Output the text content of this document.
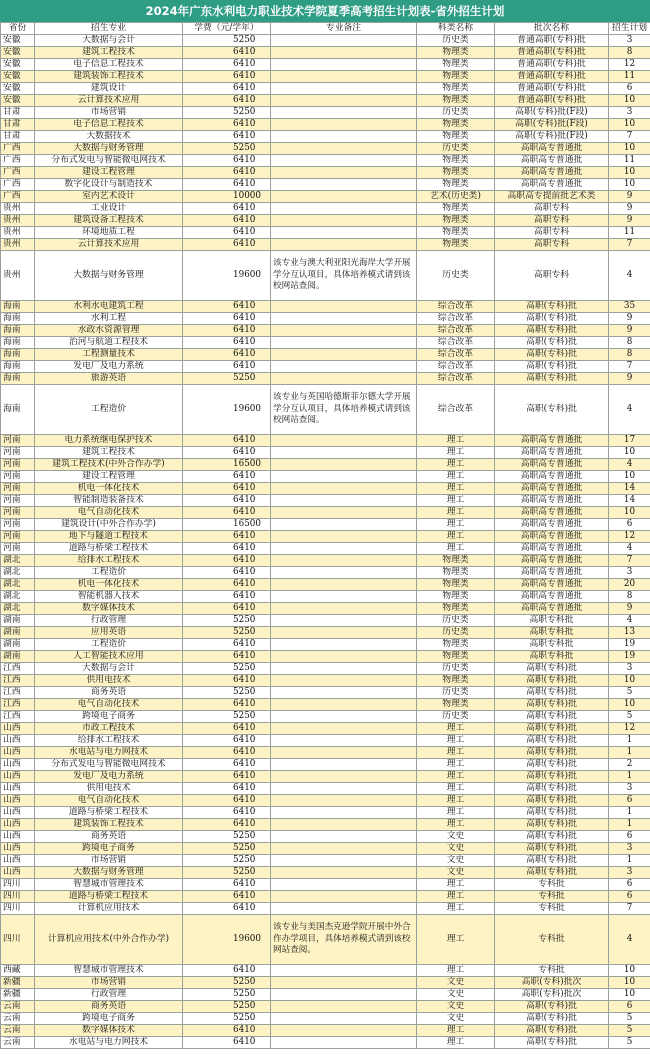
2024年广东水利电力职业技术学院夏季高考招生计划表-省外招生计划
省份	招生专业	学费（元/学年）	专业备注	科类名称	批次名称	招生计划
安徽	大数据与会计	5250		历史类	普通高职(专科)批	3
安徽	建筑工程技术	6410		物理类	普通高职(专科)批	8
安徽	电子信息工程技术	6410		物理类	普通高职(专科)批	12
安徽	建筑装饰工程技术	6410		物理类	普通高职(专科)批	11
安徽	建筑设计	6410		物理类	普通高职(专科)批	6
安徽	云计算技术应用	6410		物理类	普通高职(专科)批	10
甘肃	市场营销	5250		历史类	高职(专科)批(F段)	3
甘肃	电子信息工程技术	6410		物理类	高职(专科)批(F段)	10
甘肃	大数据技术	6410		物理类	高职(专科)批(F段)	7
广西	大数据与财务管理	5250		历史类	高职高专普通批	10
广西	分布式发电与智能微电网技术	6410		物理类	高职高专普通批	11
广西	建设工程管理	6410		物理类	高职高专普通批	10
广西	数字化设计与制造技术	6410		物理类	高职高专普通批	10
广西	室内艺术设计	10000		艺术(历史类)	高职高专提前批艺术类	9
贵州	工业设计	6410		物理类	高职专科	9
贵州	建筑设备工程技术	6410		物理类	高职专科	9
贵州	环境地质工程	6410		物理类	高职专科	11
贵州	云计算技术应用	6410		物理类	高职专科	7
贵州	大数据与财务管理	19600	该专业与澳大利亚阳光海岸大学开展学分互认项目，具体培养模式请到该校网站查阅。	历史类	高职专科	4
海南	水利水电建筑工程	6410		综合改革	高职(专科)批	35
海南	水利工程	6410		综合改革	高职(专科)批	9
海南	水政水资源管理	6410		综合改革	高职(专科)批	9
海南	治河与航道工程技术	6410		综合改革	高职(专科)批	8
海南	工程测量技术	6410		综合改革	高职(专科)批	8
海南	发电厂及电力系统	6410		综合改革	高职(专科)批	7
海南	旅游英语	5250		综合改革	高职(专科)批	9
海南	工程造价	19600	该专业与英国哈德斯菲尔德大学开展学分互认项目，具体培养模式请到该校网站查阅。	综合改革	高职(专科)批	4
河南	电力系统继电保护技术	6410		理工	高职高专普通批	17
河南	建筑工程技术	6410		理工	高职高专普通批	10
河南	建筑工程技术(中外合作办学)	16500		理工	高职高专普通批	4
河南	建设工程管理	6410		理工	高职高专普通批	10
河南	机电一体化技术	6410		理工	高职高专普通批	14
河南	智能制造装备技术	6410		理工	高职高专普通批	14
河南	电气自动化技术	6410		理工	高职高专普通批	10
河南	建筑设计(中外合作办学)	16500		理工	高职高专普通批	6
河南	地下与隧道工程技术	6410		理工	高职高专普通批	12
河南	道路与桥梁工程技术	6410		理工	高职高专普通批	4
湖北	给排水工程技术	6410		物理类	高职高专普通批	7
湖北	工程造价	6410		物理类	高职高专普通批	3
湖北	机电一体化技术	6410		物理类	高职高专普通批	20
湖北	智能机器人技术	6410		物理类	高职高专普通批	8
湖北	数字媒体技术	6410		物理类	高职高专普通批	9
湖南	行政管理	5250		历史类	高职专科批	4
湖南	应用英语	5250		历史类	高职专科批	13
湖南	工程造价	6410		物理类	高职专科批	19
湖南	人工智能技术应用	6410		物理类	高职专科批	19
江西	大数据与会计	5250		历史类	高职(专科)批	3
江西	供用电技术	6410		物理类	高职(专科)批	10
江西	商务英语	5250		历史类	高职(专科)批	5
江西	电气自动化技术	6410		物理类	高职(专科)批	10
江西	跨境电子商务	5250		历史类	高职(专科)批	5
山西	市政工程技术	6410		理工	高职(专科)批	12
山西	给排水工程技术	6410		理工	高职(专科)批	1
山西	水电站与电力网技术	6410		理工	高职(专科)批	1
山西	分布式发电与智能微电网技术	6410		理工	高职(专科)批	2
山西	发电厂及电力系统	6410		理工	高职(专科)批	1
山西	供用电技术	6410		理工	高职(专科)批	3
山西	电气自动化技术	6410		理工	高职(专科)批	6
山西	道路与桥梁工程技术	6410		理工	高职(专科)批	1
山西	建筑装饰工程技术	6410		理工	高职(专科)批	1
山西	商务英语	5250		文史	高职(专科)批	6
山西	跨境电子商务	5250		文史	高职(专科)批	3
山西	市场营销	5250		文史	高职(专科)批	1
山西	大数据与财务管理	5250		文史	高职(专科)批	3
四川	智慧城市管理技术	6410		理工	专科批	6
四川	道路与桥梁工程技术	6410		理工	专科批	6
四川	计算机应用技术	6410		理工	专科批	7
四川	计算机应用技术(中外合作办学)	19600	该专业与美国杰克逊学院开展中外合作办学项目，具体培养模式请到该校网站查阅。	理工	专科批	4
西藏	智慧城市管理技术	6410		理工	专科批	10
新疆	市场营销	5250		文史	高职(专科)批次	10
新疆	行政管理	5250		文史	高职(专科)批次	10
云南	商务英语	5250		文史	高职(专科)批	6
云南	跨境电子商务	5250		文史	高职(专科)批	5
云南	数字媒体技术	6410		理工	高职(专科)批	5
云南	水电站与电力网技术	6410		理工	高职(专科)批	5
